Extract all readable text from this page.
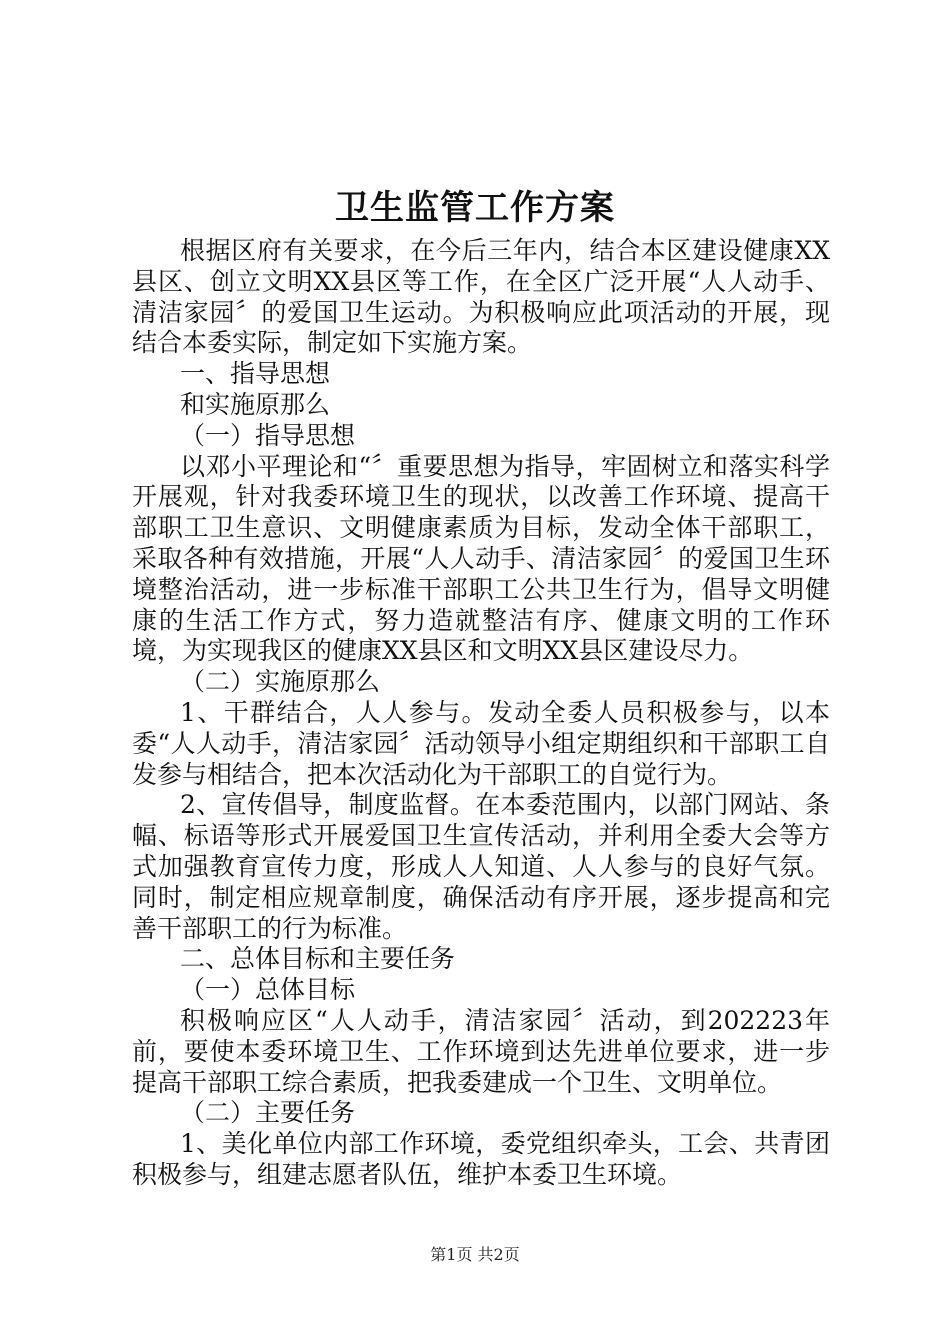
卫生监管工作方案

根据区府有关要求，在今后三年内，结合本区建设健康XX县区、创立文明XX县区等工作，在全区广泛开展“人人动手、清洁家园〞的爱国卫生运动。为积极响应此项活动的开展，现结合本委实际，制定如下实施方案。

一、指导思想

和实施原那么

（一）指导思想

以邓小平理论和“〞重要思想为指导，牢固树立和落实科学开展观，针对我委环境卫生的现状，以改善工作环境、提高干部职工卫生意识、文明健康素质为目标，发动全体干部职工，采取各种有效措施，开展“人人动手、清洁家园〞的爱国卫生环境整治活动，进一步标准干部职工公共卫生行为，倡导文明健康的生活工作方式，努力造就整洁有序、健康文明的工作环境，为实现我区的健康XX县区和文明XX县区建设尽力。

（二）实施原那么

1、干群结合，人人参与。发动全委人员积极参与，以本委“人人动手，清洁家园〞活动领导小组定期组织和干部职工自发参与相结合，把本次活动化为干部职工的自觉行为。

2、宣传倡导，制度监督。在本委范围内，以部门网站、条幅、标语等形式开展爱国卫生宣传活动，并利用全委大会等方式加强教育宣传力度，形成人人知道、人人参与的良好气氛。同时，制定相应规章制度，确保活动有序开展，逐步提高和完善干部职工的行为标准。

二、总体目标和主要任务

（一）总体目标

积极响应区“人人动手，清洁家园〞活动，到202223年前，要使本委环境卫生、工作环境到达先进单位要求，进一步提高干部职工综合素质，把我委建成一个卫生、文明单位。

（二）主要任务

1、美化单位内部工作环境，委党组织牵头，工会、共青团积极参与，组建志愿者队伍，维护本委卫生环境。

第1页 共2页
